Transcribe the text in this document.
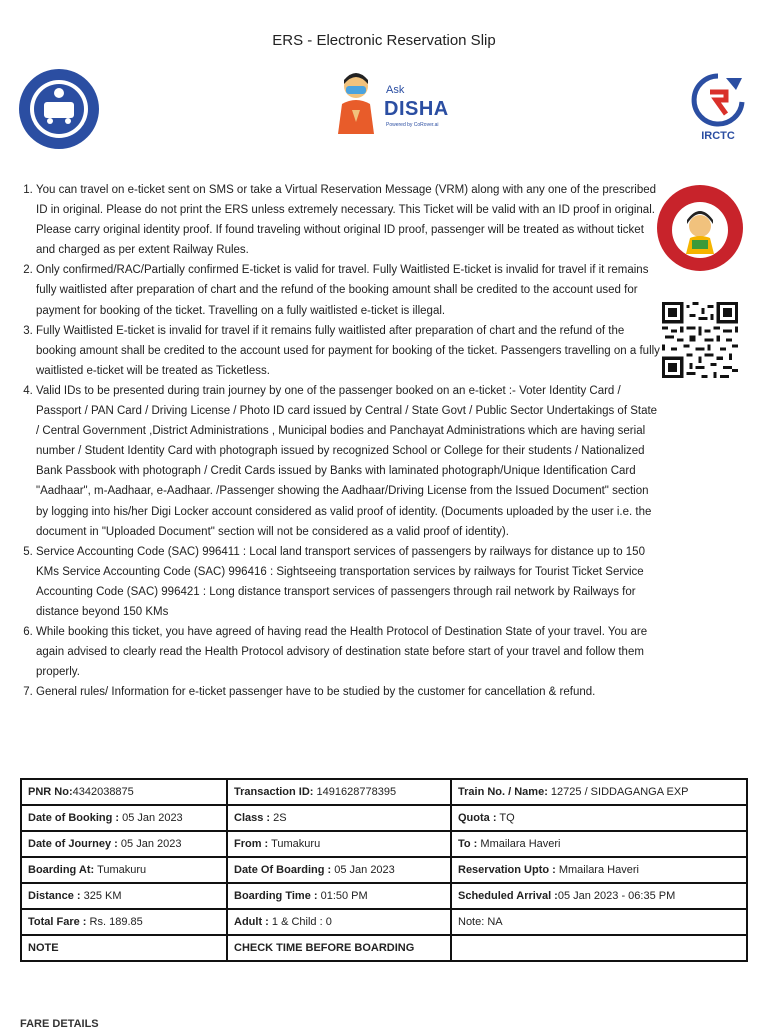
ERS - Electronic Reservation Slip
Ask
DISHA
Powered by CoRover.ai
IRCTC
1. You can travel on e-ticket sent on SMS or take a Virtual Reservation Message (VRM) along with any one of the prescribed ID in original. Please do not print the ERS unless extremely necessary. This Ticket will be valid with an ID proof in original. Please carry original identity proof. If found traveling without original ID proof, passenger will be treated as without ticket and charged as per extent Railway Rules.
2. Only confirmed/RAC/Partially confirmed E-ticket is valid for travel. Fully Waitlisted E-ticket is invalid for travel if it remains fully waitlisted after preparation of chart and the refund of the booking amount shall be credited to the account used for payment for booking of the ticket. Travelling on a fully waitlisted e-ticket is illegal.
3. Fully Waitlisted E-ticket is invalid for travel if it remains fully waitlisted after preparation of chart and the refund of the booking amount shall be credited to the account used for payment for booking of the ticket. Passengers travelling on a fully waitlisted e-ticket will be treated as Ticketless.
4. Valid IDs to be presented during train journey by one of the passenger booked on an e-ticket :- Voter Identity Card / Passport / PAN Card / Driving License / Photo ID card issued by Central / State Govt / Public Sector Undertakings of State / Central Government ,District Administrations , Municipal bodies and Panchayat Administrations which are having serial number / Student Identity Card with photograph issued by recognized School or College for their students / Nationalized Bank Passbook with photograph / Credit Cards issued by Banks with laminated photograph/Unique Identification Card "Aadhaar", m-Aadhaar, e-Aadhaar. /Passenger showing the Aadhaar/Driving License from the Issued Document" section by logging into his/her Digi Locker account considered as valid proof of identity. (Documents uploaded by the user i.e. the document in "Uploaded Document" section will not be considered as a valid proof of identity).
5. Service Accounting Code (SAC) 996411 : Local land transport services of passengers by railways for distance up to 150 KMs Service Accounting Code (SAC) 996416 : Sightseeing transportation services by railways for Tourist Ticket Service Accounting Code (SAC) 996421 : Long distance transport services of passengers through rail network by Railways for distance beyond 150 KMs
6. While booking this ticket, you have agreed of having read the Health Protocol of Destination State of your travel. You are again advised to clearly read the Health Protocol advisory of destination state before start of your travel and follow them properly.
7. General rules/ Information for e-ticket passenger have to be studied by the customer for cancellation & refund.
PNR No:4342038875	Transaction ID: 1491628778395	Train No. / Name: 12725 / SIDDAGANGA EXP
Date of Booking : 05 Jan 2023	Class : 2S	Quota : TQ
Date of Journey : 05 Jan 2023	From : Tumakuru	To : Mmailara Haveri
Boarding At: Tumakuru	Date Of Boarding : 05 Jan 2023	Reservation Upto : Mmailara Haveri
Distance : 325 KM	Boarding Time : 01:50 PM	Scheduled Arrival :05 Jan 2023 - 06:35 PM
Total Fare : Rs. 189.85	Adult : 1 & Child : 0	Note: NA
NOTE	CHECK TIME BEFORE BOARDING	
FARE DETAILS
